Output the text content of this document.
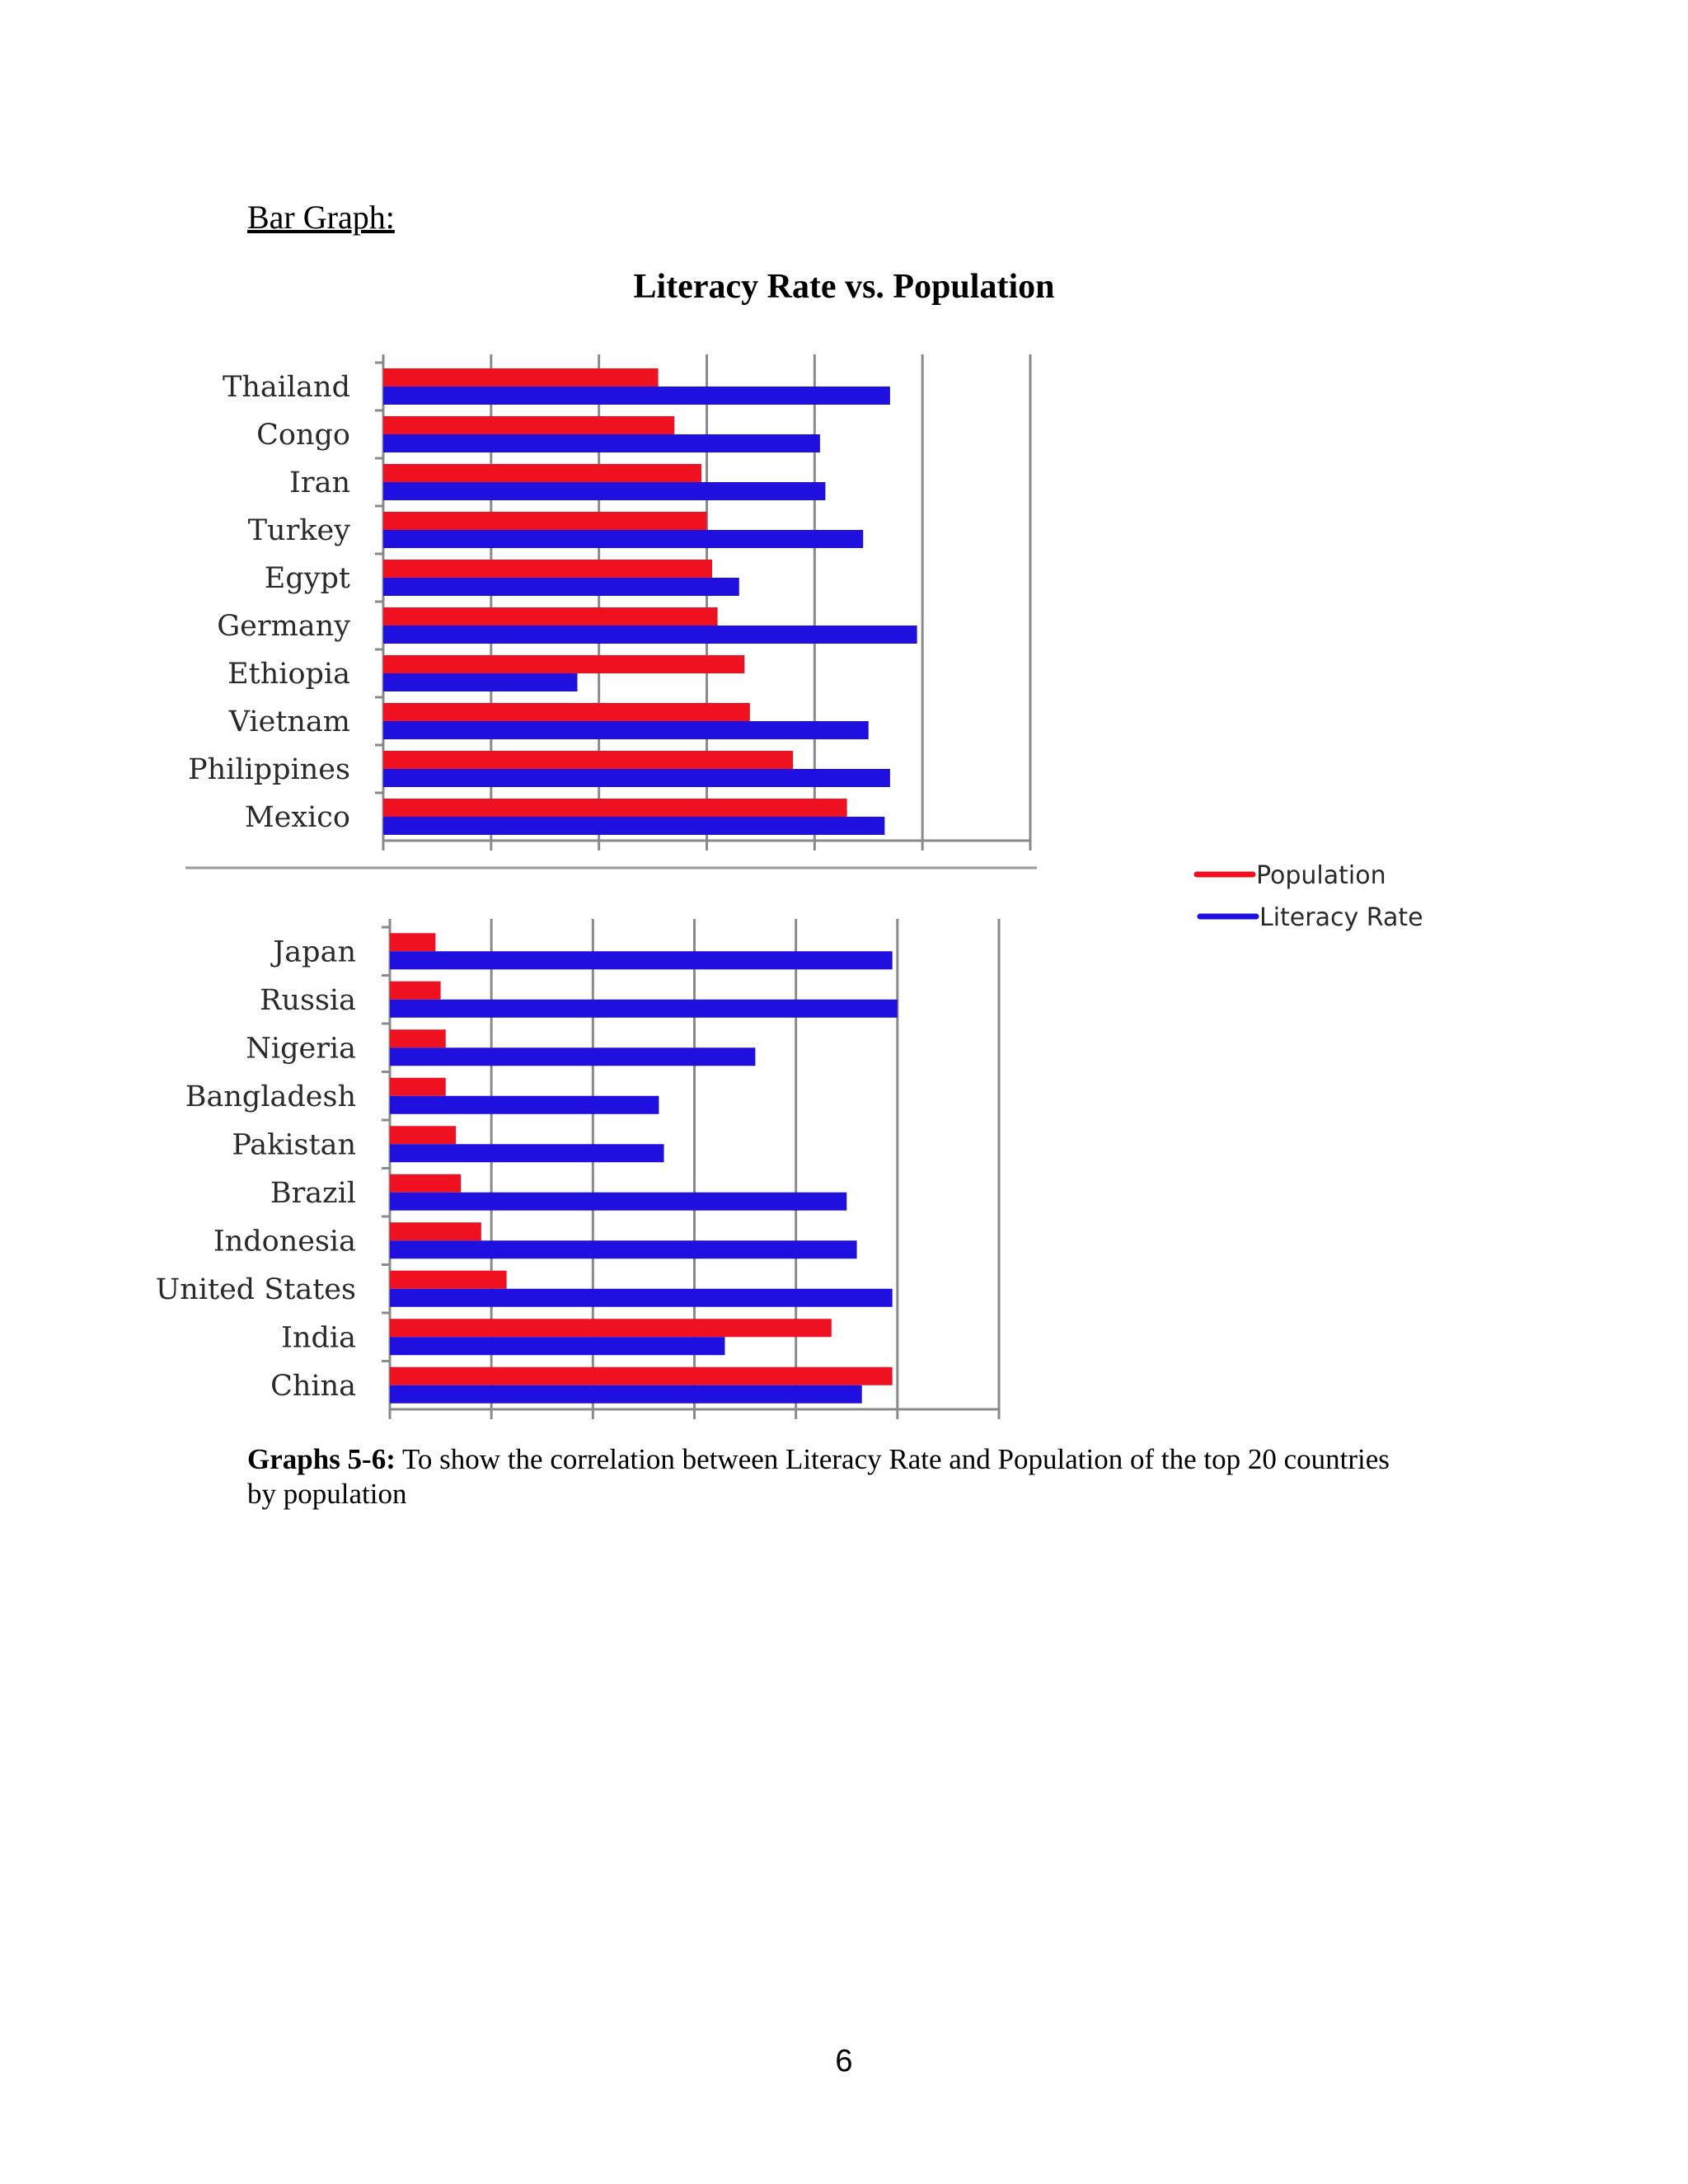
Bar Graph:
Literacy Rate vs. Population
Thailand
Congo
Iran
Turkey
Egypt
Germany
Ethiopia
Vietnam
Philippines
Mexico
Japan
Russia
Nigeria
Bangladesh
Pakistan
Brazil
Indonesia
United States
India
China
Population
Literacy Rate
Graphs 5-6: To show the correlation between Literacy Rate and Population of the top 20 countries by population
6
